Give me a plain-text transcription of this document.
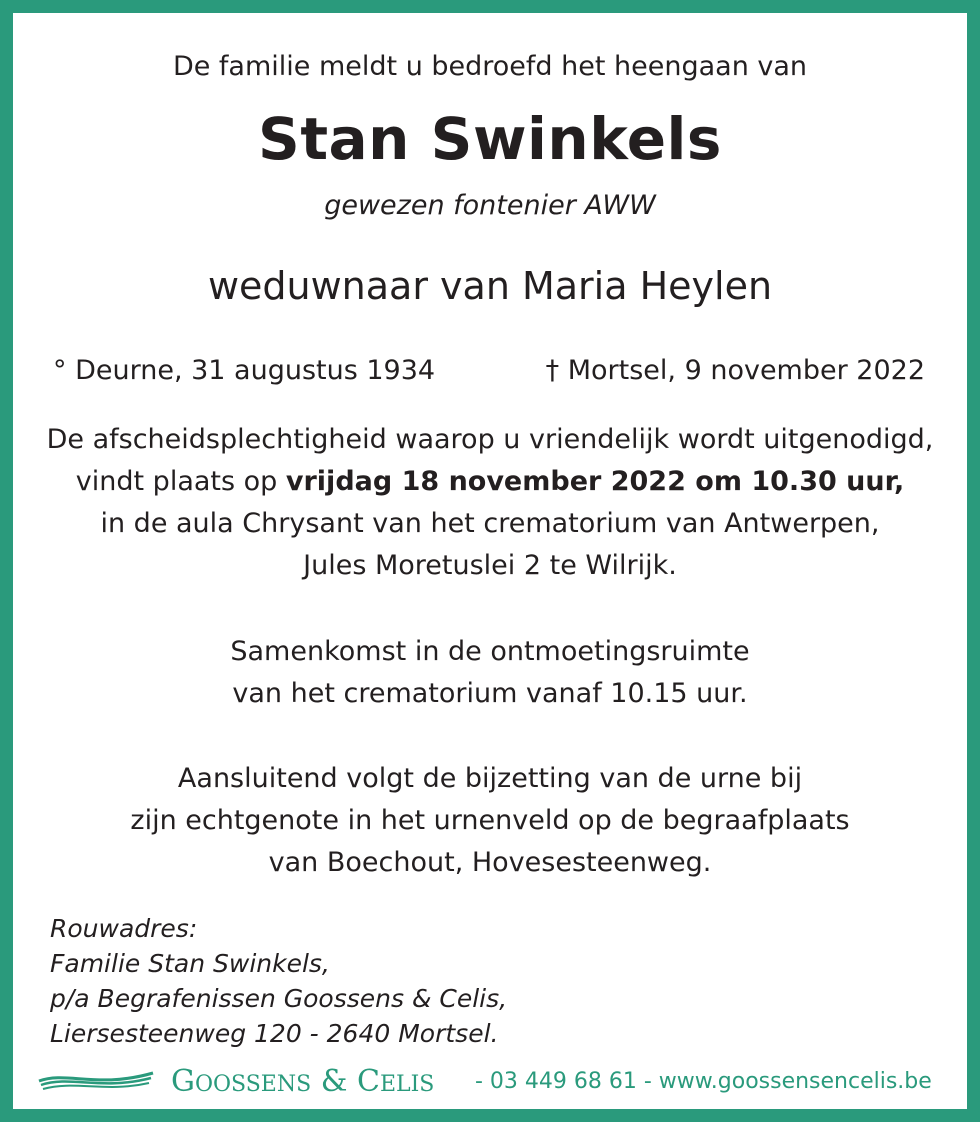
De familie meldt u bedroefd het heengaan van
Stan Swinkels
gewezen fontenier AWW
weduwnaar van Maria Heylen
° Deurne, 31 augustus 1934	† Mortsel, 9 november 2022
De afscheidsplechtigheid waarop u vriendelijk wordt uitgenodigd,
vindt plaats op vrijdag 18 november 2022 om 10.30 uur,
in de aula Chrysant van het crematorium van Antwerpen,
Jules Moretuslei 2 te Wilrijk.
Samenkomst in de ontmoetingsruimte
van het crematorium vanaf 10.15 uur.
Aansluitend volgt de bijzetting van de urne bij
zijn echtgenote in het urnenveld op de begraafplaats
van Boechout, Hovesesteenweg.
Rouwadres:
Familie Stan Swinkels,
p/a Begrafenissen Goossens & Celis,
Liersesteenweg 120 - 2640 Mortsel.
GOOSSENS & CELIS - 03 449 68 61 - www.goossensencelis.be
